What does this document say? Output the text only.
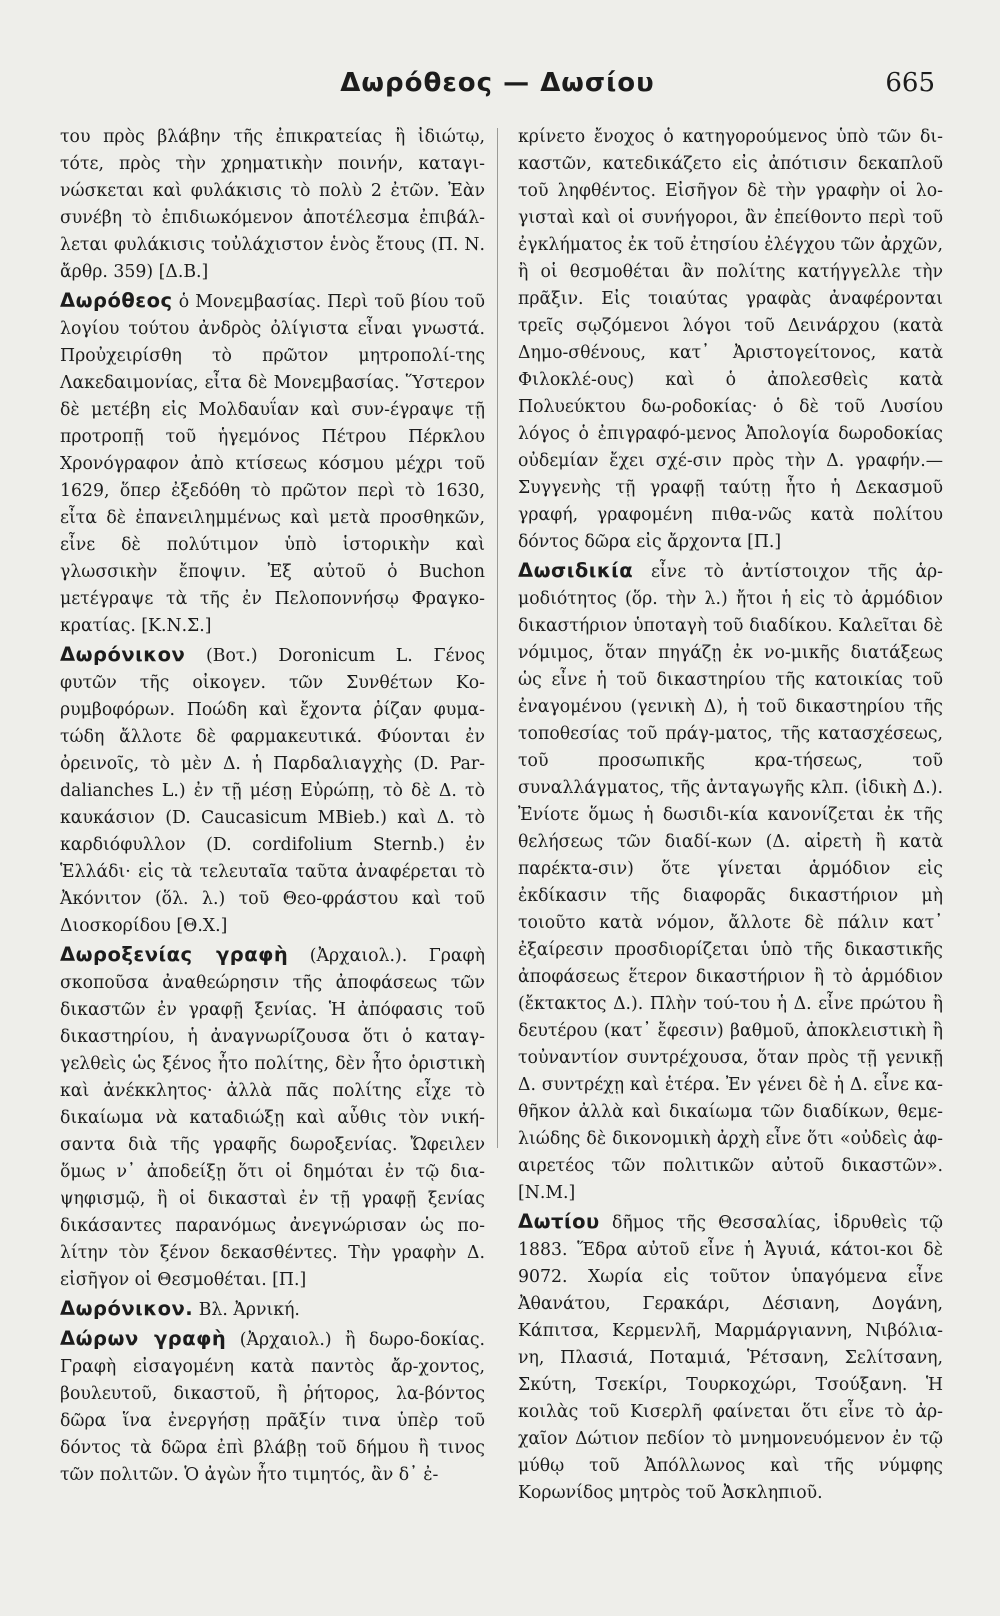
Δωρόθεος — Δωσίου	665

του πρὸς βλάβην τῆς ἐπικρατείας ἢ ἰδιώτῳ, τότε, πρὸς τὴν χρηματικὴν ποινήν, καταγι-νώσκεται καὶ φυλάκισις τὸ πολὺ 2 ἐτῶν. Ἐὰν συνέβη τὸ ἐπιδιωκόμενον ἀποτέλεσμα ἐπιβάλ-λεται φυλάκισις τοὐλάχιστον ἑνὸς ἔτους (Π. Ν. ἄρθρ. 359) [Δ.Β.]

Δωρόθεος ὁ Μονεμβασίας. Περὶ τοῦ βίου τοῦ λογίου τούτου ἀνδρὸς ὀλίγιστα εἶναι γνωστά. Προὐχειρίσθη τὸ πρῶτον μητροπολί-της Λακεδαιμονίας, εἶτα δὲ Μονεμβασίας. Ὕστερον δὲ μετέβη εἰς Μολδαυΐαν καὶ συν-έγραψε τῇ προτροπῇ τοῦ ἡγεμόνος Πέτρου Πέρκλου Χρονόγραφον ἀπὸ κτίσεως κόσμου μέχρι τοῦ 1629, ὅπερ ἐξεδόθη τὸ πρῶτον περὶ τὸ 1630, εἶτα δὲ ἐπανειλημμένως καὶ μετὰ προσθηκῶν, εἶνε δὲ πολύτιμον ὑπὸ ἱστορικὴν καὶ γλωσσικὴν ἔποψιν. Ἐξ αὐτοῦ ὁ Buchon μετέγραψε τὰ τῆς ἐν Πελοποννήσῳ Φραγκο-κρατίας. [Κ.Ν.Σ.]

Δωρόνικον (Βοτ.) Doronicum L. Γένος φυτῶν τῆς οἰκογεν. τῶν Συνθέτων Κο-ρυμβοφόρων. Ποώδη καὶ ἔχοντα ῥίζαν φυμα-τώδη ἄλλοτε δὲ φαρμακευτικά. Φύονται ἐν ὀρεινοῖς, τὸ μὲν Δ. ἡ Παρδαλιαγχὴς (D. Par-dalianches L.) ἐν τῇ μέσῃ Εὐρώπῃ, τὸ δὲ Δ. τὸ καυκάσιον (D. Caucasicum MBieb.) καὶ Δ. τὸ καρδιόφυλλον (D. cordifolium Sternb.) ἐν Ἑλλάδι· εἰς τὰ τελευταῖα ταῦτα ἀναφέρεται τὸ Ἀκόνιτον (ὅλ. λ.) τοῦ Θεο-φράστου καὶ τοῦ Διοσκορίδου [Θ.Χ.]

Δωροξενίας γραφὴ (Ἀρχαιολ.). Γραφὴ σκοποῦσα ἀναθεώρησιν τῆς ἀποφάσεως τῶν δικαστῶν ἐν γραφῇ ξενίας. Ἡ ἀπόφασις τοῦ δικαστηρίου, ἡ ἀναγνωρίζουσα ὅτι ὁ καταγ-γελθεὶς ὡς ξένος ἦτο πολίτης, δὲν ἦτο ὁριστικὴ καὶ ἀνέκκλητος· ἀλλὰ πᾶς πολίτης εἶχε τὸ δικαίωμα νὰ καταδιώξῃ καὶ αὖθις τὸν νική-σαντα διὰ τῆς γραφῆς δωροξενίας. Ὤφειλεν ὅμως ν᾿ ἀποδείξῃ ὅτι οἱ δημόται ἐν τῷ δια-ψηφισμῷ, ἢ οἱ δικασταὶ ἐν τῇ γραφῇ ξενίας δικάσαντες παρανόμως ἀνεγνώρισαν ὡς πο-λίτην τὸν ξένον δεκασθέντες. Τὴν γραφὴν Δ. εἰσῆγον οἱ Θεσμοθέται. [Π.]

Δωρόνικον. Βλ. Ἀρνική.

Δώρων γραφὴ (Ἀρχαιολ.) ἢ δωρο-δοκίας. Γραφὴ εἰσαγομένη κατὰ παντὸς ἄρ-χοντος, βουλευτοῦ, δικαστοῦ, ἢ ῥήτορος, λα-βόντος δῶρα ἵνα ἐνεργήσῃ πρᾶξίν τινα ὑπὲρ τοῦ δόντος τὰ δῶρα ἐπὶ βλάβῃ τοῦ δήμου ἢ τινος τῶν πολιτῶν. Ὁ ἀγὼν ἦτο τιμητός, ἂν δ᾿ ἐ-

κρίνετο ἔνοχος ὁ κατηγορούμενος ὑπὸ τῶν δι-καστῶν, κατεδικάζετο εἰς ἀπότισιν δεκαπλοῦ τοῦ ληφθέντος. Εἰσῆγον δὲ τὴν γραφὴν οἱ λο-γισταὶ καὶ οἱ συνήγοροι, ἂν ἐπείθοντο περὶ τοῦ ἐγκλήματος ἐκ τοῦ ἐτησίου ἐλέγχου τῶν ἀρχῶν, ἢ οἱ θεσμοθέται ἂν πολίτης κατήγγελλε τὴν πρᾶξιν. Εἰς τοιαύτας γραφὰς ἀναφέρονται τρεῖς σῳζόμενοι λόγοι τοῦ Δεινάρχου (κατὰ Δημο-σθένους, κατ᾿ Ἀριστογείτονος, κατὰ Φιλοκλέ-ους) καὶ ὁ ἀπολεσθεὶς κατὰ Πολυεύκτου δω-ροδοκίας· ὁ δὲ τοῦ Λυσίου λόγος ὁ ἐπιγραφό-μενος Ἀπολογία δωροδοκίας οὐδεμίαν ἔχει σχέ-σιν πρὸς τὴν Δ. γραφήν.—Συγγενὴς τῇ γραφῇ ταύτῃ ἦτο ἡ Δεκασμοῦ γραφή, γραφομένη πιθα-νῶς κατὰ πολίτου δόντος δῶρα εἰς ἄρχοντα [Π.]

Δωσιδικία εἶνε τὸ ἀντίστοιχον τῆς ἁρ-μοδιότητος (ὅρ. τὴν λ.) ἤτοι ἡ εἰς τὸ ἁρμόδιον δικαστήριον ὑποταγὴ τοῦ διαδίκου. Καλεῖται δὲ νόμιμος, ὅταν πηγάζῃ ἐκ νο-μικῆς διατάξεως ὡς εἶνε ἡ τοῦ δικαστηρίου τῆς κατοικίας τοῦ ἐναγομένου (γενικὴ Δ), ἡ τοῦ δικαστηρίου τῆς τοποθεσίας τοῦ πράγ-ματος, τῆς κατασχέσεως, τοῦ προσωπικῆς κρα-τήσεως, τοῦ συναλλάγματος, τῆς ἀνταγωγῆς κλπ. (ἰδικὴ Δ.). Ἐνίοτε ὅμως ἡ δωσιδι-κία κανονίζεται ἐκ τῆς θελήσεως τῶν διαδί-κων (Δ. αἱρετὴ ἢ κατὰ παρέκτα-σιν) ὅτε γίνεται ἁρμόδιον εἰς ἐκδίκασιν τῆς διαφορᾶς δικαστήριον μὴ τοιοῦτο κατὰ νόμον, ἄλλοτε δὲ πάλιν κατ᾿ ἐξαίρεσιν προσδιορίζεται ὑπὸ τῆς δικαστικῆς ἀποφάσεως ἕτερον δικαστήριον ἢ τὸ ἁρμόδιον (ἔκτακτος Δ.). Πλὴν τού-του ἡ Δ. εἶνε πρώτου ἢ δευτέρου (κατ᾿ ἔφεσιν) βαθμοῦ, ἀποκλειστικὴ ἢ τοὐναντίον συντρέχουσα, ὅταν πρὸς τῇ γενικῇ Δ. συντρέχῃ καὶ ἑτέρα. Ἐν γένει δὲ ἡ Δ. εἶνε κα-θῆκον ἀλλὰ καὶ δικαίωμα τῶν διαδίκων, θεμε-λιώδης δὲ δικονομικὴ ἀρχὴ εἶνε ὅτι «οὐδεὶς ἀφ-αιρετέος τῶν πολιτικῶν αὐτοῦ δικαστῶν». [Ν.Μ.]

Δωτίου δῆμος τῆς Θεσσαλίας, ἱδρυθεὶς τῷ 1883. Ἕδρα αὐτοῦ εἶνε ἡ Ἀγυιά, κάτοι-κοι δὲ 9072. Χωρία εἰς τοῦτον ὑπαγόμενα εἶνε Ἀθανάτου, Γερακάρι, Δέσιανη, Δογάνη, Κάπιτσα, Κερμενλῆ, Μαρμάργιαννη, Νιβόλια-νη, Πλασιά, Ποταμιά, Ῥέτσανη, Σελίτσανη, Σκύτη, Τσεκίρι, Τουρκοχώρι, Τσούξανη. Ἡ κοιλὰς τοῦ Κισερλῆ φαίνεται ὅτι εἶνε τὸ ἀρ-χαῖον Δώτιον πεδίον τὸ μνημονευόμενον ἐν τῷ μύθῳ τοῦ Ἀπόλλωνος καὶ τῆς νύμφης Κορωνίδος μητρὸς τοῦ Ἀσκληπιοῦ.
